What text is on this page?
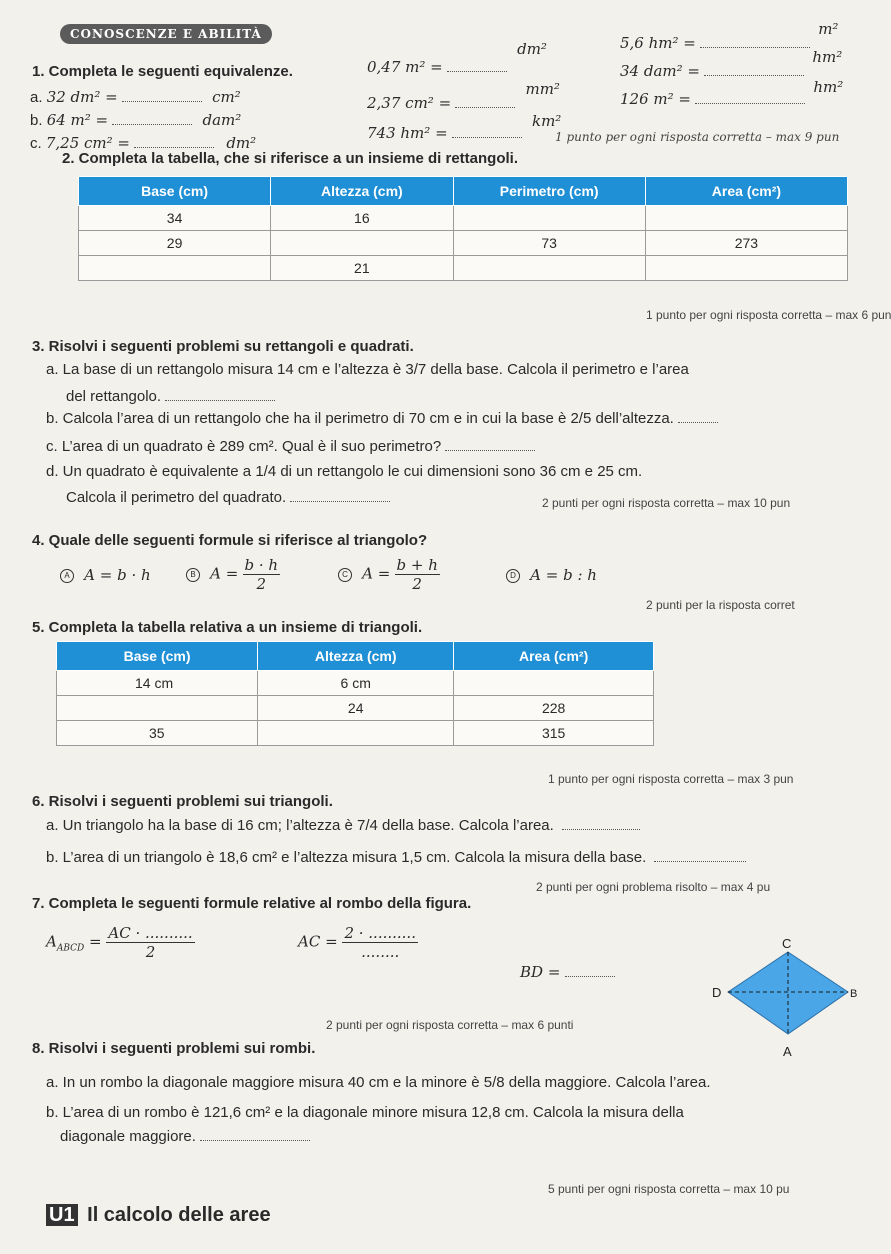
CONOSCENZE E ABILITÀ
1. Completa le seguenti equivalenze.
a. 32 dm² =	cm²
b. 64 m² =	dam²
c. 7,25 cm² =	dm²
0,47 m² =  dm²
2,37 cm² =  mm²
743 hm² =  km²
5,6 hm² =  m²
34 dam² =  hm²
126 m² =  hm²
1 punto per ogni risposta corretta – max 9 pun
2. Completa la tabella, che si riferisce a un insieme di rettangoli.
Base (cm)	Altezza (cm)	Perimetro (cm)	Area (cm²)
34	16		
29		73	273
	21		
1 punto per ogni risposta corretta – max 6 pun
3. Risolvi i seguenti problemi su rettangoli e quadrati.
a. La base di un rettangolo misura 14 cm e l’altezza è 3/7 della base. Calcola il perimetro e l’area
del rettangolo.
b. Calcola l’area di un rettangolo che ha il perimetro di 70 cm e in cui la base è 2/5 dell’altezza.
c. L’area di un quadrato è 289 cm². Qual è il suo perimetro?
d. Un quadrato è equivalente a 1/4 di un rettangolo le cui dimensioni sono 36 cm e 25 cm.
Calcola il perimetro del quadrato.	2 punti per ogni risposta corretta – max 10 pun
4. Quale delle seguenti formule si riferisce al triangolo?
A A = b · h	B $A = \frac{b \cdot h}{2}$	C $A = \frac{b + h}{2}$	D A = b : h
2 punti per la risposta corret
5. Completa la tabella relativa a un insieme di triangoli.
Base (cm)	Altezza (cm)	Area (cm²)
14 cm	6 cm	
	24	228
35		315
1 punto per ogni risposta corretta – max 3 pun
6. Risolvi i seguenti problemi sui triangoli.
a. Un triangolo ha la base di 16 cm; l’altezza è 7/4 della base. Calcola l’area.
b. L’area di un triangolo è 18,6 cm² e l’altezza misura 1,5 cm. Calcola la misura della base.
2 punti per ogni problema risolto – max 4 pu
7. Completa le seguenti formule relative al rombo della figura.
$A_{ABCD} = \frac{AC \cdot ..........}{2}$	AC = $\frac{2 \cdot ..........}{........}$
BD =
C
D	B
A
2 punti per ogni risposta corretta – max 6 punti
8. Risolvi i seguenti problemi sui rombi.
a. In un rombo la diagonale maggiore misura 40 cm e la minore è 5/8 della maggiore. Calcola l’area.
b. L’area di un rombo è 121,6 cm² e la diagonale minore misura 12,8 cm. Calcola la misura della
diagonale maggiore.
5 punti per ogni risposta corretta – max 10 pu
U1 Il calcolo delle aree
